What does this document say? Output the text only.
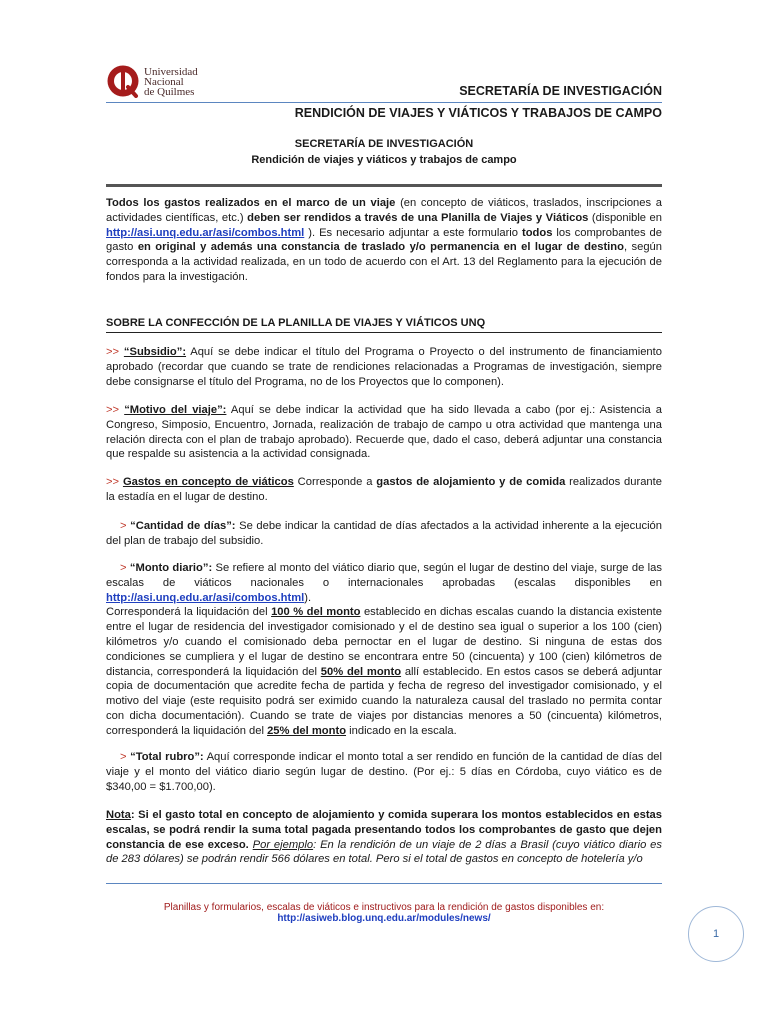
Universidad
Nacional
de Quilmes	SECRETARÍA DE INVESTIGACIÓN
RENDICIÓN DE VIAJES Y VIÁTICOS Y TRABAJOS DE CAMPO
SECRETARÍA DE INVESTIGACIÓN
Rendición de viajes y viáticos y trabajos de campo

Todos los gastos realizados en el marco de un viaje (en concepto de viáticos, traslados, inscripciones a actividades científicas, etc.) deben ser rendidos a través de una Planilla de Viajes y Viáticos (disponible en http://asi.unq.edu.ar/asi/combos.html ). Es necesario adjuntar a este formulario todos los comprobantes de gasto en original y además una constancia de traslado y/o permanencia en el lugar de destino, según corresponda a la actividad realizada, en un todo de acuerdo con el Art. 13 del Reglamento para la ejecución de fondos para la investigación.

SOBRE LA CONFECCIÓN DE LA PLANILLA DE VIAJES Y VIÁTICOS UNQ

>> “Subsidio”: Aquí se debe indicar el título del Programa o Proyecto o del instrumento de financiamiento aprobado (recordar que cuando se trate de rendiciones relacionadas a Programas de investigación, siempre debe consignarse el título del Programa, no de los Proyectos que lo componen).

>> “Motivo del viaje”: Aquí se debe indicar la actividad que ha sido llevada a cabo (por ej.: Asistencia a Congreso, Simposio, Encuentro, Jornada, realización de trabajo de campo u otra actividad que mantenga una relación directa con el plan de trabajo aprobado). Recuerde que, dado el caso, deberá adjuntar una constancia que respalde su asistencia a la actividad consignada.

>> Gastos en concepto de viáticos Corresponde a gastos de alojamiento y de comida realizados durante la estadía en el lugar de destino.

> “Cantidad de días”: Se debe indicar la cantidad de días afectados a la actividad inherente a la ejecución del plan de trabajo del subsidio.

> “Monto diario”: Se refiere al monto del viático diario que, según el lugar de destino del viaje, surge de las escalas de viáticos nacionales o internacionales aprobadas (escalas disponibles en http://asi.unq.edu.ar/asi/combos.html).

Corresponderá la liquidación del 100 % del monto establecido en dichas escalas cuando la distancia existente entre el lugar de residencia del investigador comisionado y el de destino sea igual o superior a los 100 (cien) kilómetros y/o cuando el comisionado deba pernoctar en el lugar de destino. Si ninguna de estas dos condiciones se cumpliera y el lugar de destino se encontrara entre 50 (cincuenta) y 100 (cien) kilómetros de distancia, corresponderá la liquidación del 50% del monto allí establecido. En estos casos se deberá adjuntar copia de documentación que acredite fecha de partida y fecha de regreso del investigador comisionado, y el motivo del viaje (este requisito podrá ser eximido cuando la naturaleza causal del traslado no permita contar con dicha documentación). Cuando se trate de viajes por distancias menores a 50 (cincuenta) kilómetros, corresponderá la liquidación del 25% del monto indicado en la escala.

> “Total rubro”: Aquí corresponde indicar el monto total a ser rendido en función de la cantidad de días del viaje y el monto del viático diario según lugar de destino. (Por ej.: 5 días en Córdoba, cuyo viático es de $340,00 = $1.700,00).

Nota: Si el gasto total en concepto de alojamiento y comida superara los montos establecidos en estas escalas, se podrá rendir la suma total pagada presentando todos los comprobantes de gasto que dejen constancia de ese exceso. Por ejemplo: En la rendición de un viaje de 2 días a Brasil (cuyo viático diario es de 283 dólares) se podrán rendir 566 dólares en total. Pero si el total de gastos en concepto de hotelería y/o

Planillas y formularios, escalas de viáticos e instructivos para la rendición de gastos disponibles en:
http://asiweb.blog.unq.edu.ar/modules/news/
1
